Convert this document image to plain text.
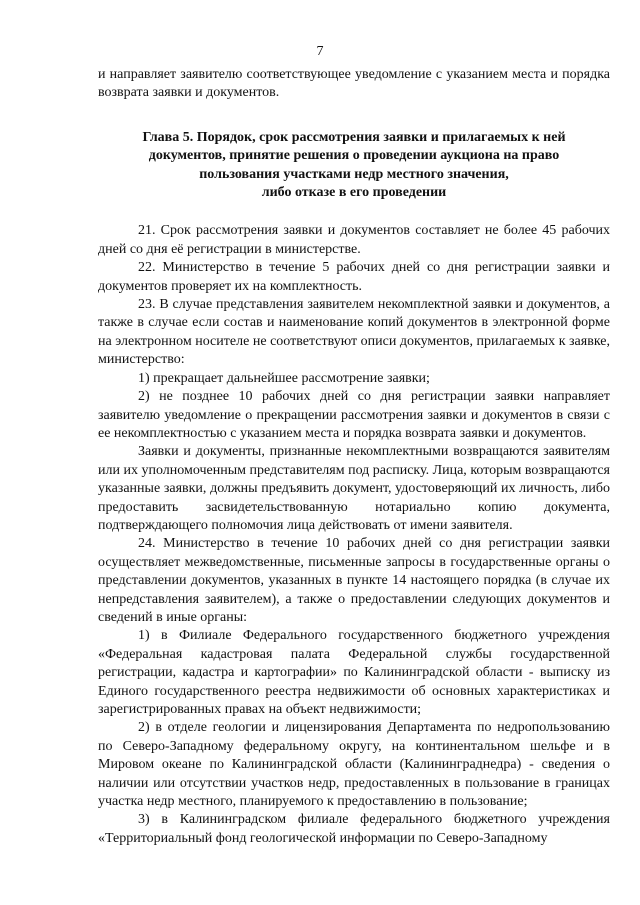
7

и направляет заявителю соответствующее уведомление с указанием места и порядка возврата заявки и документов.

Глава 5. Порядок, срок рассмотрения заявки и прилагаемых к ней
документов, принятие решения о проведении аукциона на право
пользования участками недр местного значения,
либо отказе в его проведении

21. Срок рассмотрения заявки и документов составляет не более 45 рабочих дней со дня её регистрации в министерстве.

22. Министерство в течение 5 рабочих дней со дня регистрации заявки и документов проверяет их на комплектность.

23. В случае представления заявителем некомплектной заявки и документов, а также в случае если состав и наименование копий документов в электронной форме на электронном носителе не соответствуют описи документов, прилагаемых к заявке, министерство:

1) прекращает дальнейшее рассмотрение заявки;

2) не позднее 10 рабочих дней со дня регистрации заявки направляет заявителю уведомление о прекращении рассмотрения заявки и документов в связи с ее некомплектностью с указанием места и порядка возврата заявки и документов.

Заявки и документы, признанные некомплектными возвращаются заявителям или их уполномоченным представителям под расписку. Лица, которым возвращаются указанные заявки, должны предъявить документ, удостоверяющий их личность, либо предоставить засвидетельствованную нотариально копию документа, подтверждающего полномочия лица действовать от имени заявителя.

24. Министерство в течение 10 рабочих дней со дня регистрации заявки осуществляет межведомственные, письменные запросы в государственные органы о представлении документов, указанных в пункте 14 настоящего порядка (в случае их непредставления заявителем), а также о предоставлении следующих документов и сведений в иные органы:

1) в Филиале Федерального государственного бюджетного учреждения «Федеральная кадастровая палата Федеральной службы государственной регистрации, кадастра и картографии» по Калининградской области - выписку из Единого государственного реестра недвижимости об основных характеристиках и зарегистрированных правах на объект недвижимости;

2) в отделе геологии и лицензирования Департамента по недропользованию по Северо-Западному федеральному округу, на континентальном шельфе и в Мировом океане по Калининградской области (Калининграднедра) - сведения о наличии или отсутствии участков недр, предоставленных в пользование в границах участка недр местного, планируемого к предоставлению в пользование;

3) в Калининградском филиале федерального бюджетного учреждения «Территориальный фонд геологической информации по Северо-Западному
